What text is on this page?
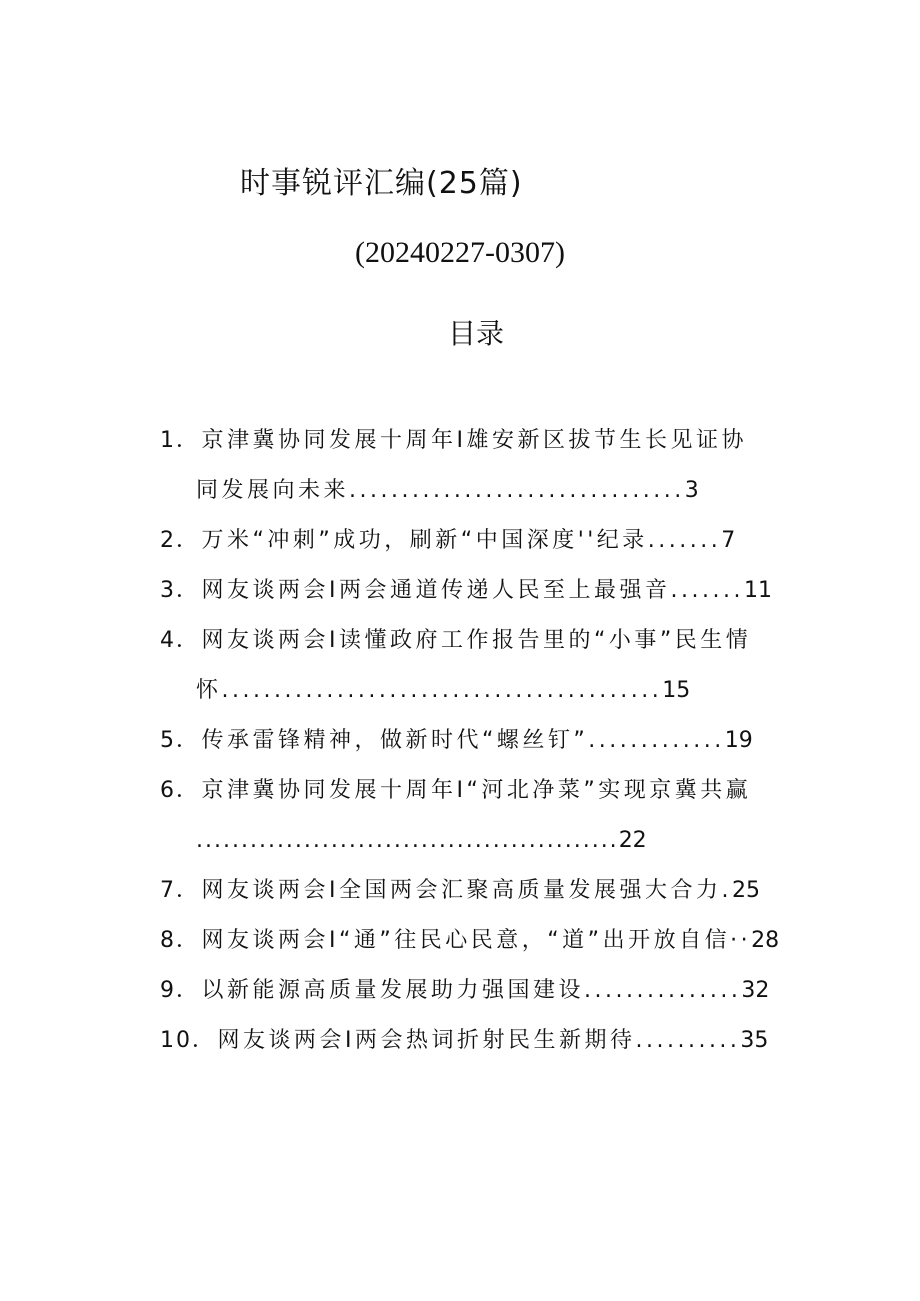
时事锐评汇编(25篇)
(20240227-0307)
目录
1．京津冀协同发展十周年I雄安新区拔节生长见证协
同发展向未来................................3
2．万米“冲刺”成功，刷新“中国深度''纪录.......7
3．网友谈两会I两会通道传递人民至上最强音.......11
4．网友谈两会I读懂政府工作报告里的“小事”民生情
怀..........................................15
5．传承雷锋精神，做新时代“螺丝钉”.............19
6．京津冀协同发展十周年I“河北净菜”实现京冀共赢
...............................................22
7．网友谈两会I全国两会汇聚高质量发展强大合力.25
8．网友谈两会I“通”往民心民意，“道”出开放自信··28
9．以新能源高质量发展助力强国建设...............32
10．网友谈两会I两会热词折射民生新期待..........35
